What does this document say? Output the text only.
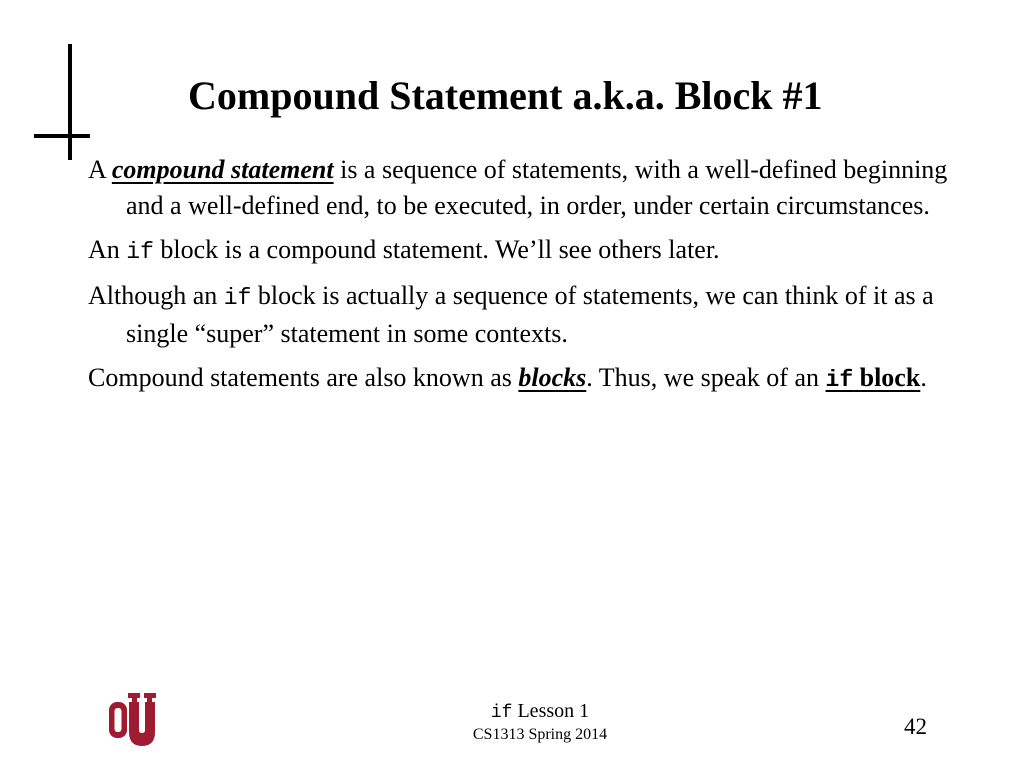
Compound Statement a.k.a. Block #1

A compound statement is a sequence of statements, with a well-defined beginning and a well-defined end, to be executed, in order, under certain circumstances.

An if block is a compound statement. We’ll see others later.

Although an if block is actually a sequence of statements, we can think of it as a single “super” statement in some contexts.

Compound statements are also known as blocks. Thus, we speak of an if block.

if Lesson 1
CS1313 Spring 2014	42
